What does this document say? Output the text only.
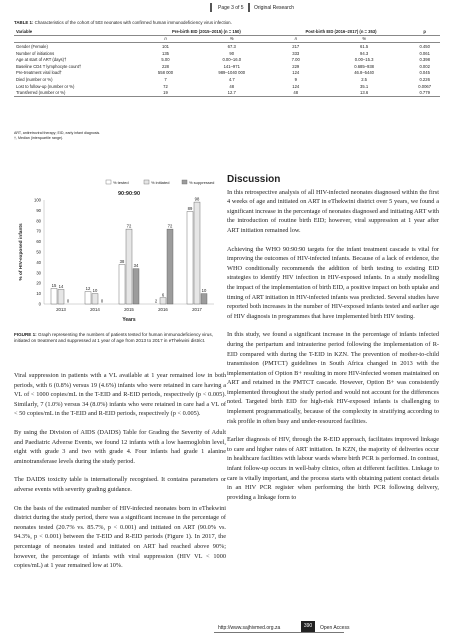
Page 3 of 5 Original Research
TABLE 1: Characteristics of the cohort of 503 neonates with confirmed human immunodeficiency virus infection.
Variable	Pre-birth EID (2015–2015) (n = 150)		Post-birth EID (2016–2017) (n = 353)		p
	n	%	n	%	
Gender (Female)	101	67.3	217	61.5	0.450
Number of initiations	135	90	333	94.3	0.061
Age at start of ART (days)†	5.00	0.00–16.0	7.00	0.00–15.3	0.398
Baseline CD4 T lymphocyte count†	228	141–971	229	0.685–938	0.002
Pre-treatment viral load†	558 000	989–1040 000	124	46.8–5440	0.045
Died (number or %)	7	4.7	9	2.5	0.226
Lost to follow-up (number or %)	72	48	124	35.1	0.0067
Transferred (number or %)	19	12.7	48	13.6	0.779
ART, antiretroviral therapy; EID, early infant diagnosis.
†, Median (interquartile range).
% tested	% initiated	% suppressed
90:90:90
0
10
20
30
40
50
60
70
80
90
100
% of HIV-exposed infants
15 14
0
2013
12 10
0
2014
38
72
34
2015
2
6
72
2016
89
98
10
2017
Years
FIGURE 1: Graph representing the numbers of patients tested for human immunodeficiency virus, initiated on treatment and suppressed at 1 year of age from 2013 to 2017 in eThekwini district.

Viral suppression in patients with a VL available at 1 year remained low in both periods, with 6 (0.8%) versus 19 (4.6%) infants who were retained in care having a VL of < 1000 copies/mL in the T-EID and R-EID periods, respectively (p < 0.005). Similarly, 7 (1.0%) versus 34 (8.0%) infants who were retained in care had a VL of < 50 copies/mL in the T-EID and R-EID periods, respectively (p < 0.005).

By using the Division of AIDS (DAIDS) Table for Grading the Severity of Adult and Paediatric Adverse Events, we found 12 infants with a low haemoglobin level, eight with grade 3 and two with grade 4. Four infants had grade 1 alanine aminotransferase levels during the study period.

The DAIDS toxicity table is internationally recognised. It contains parameters or adverse events with severity grading guidance.

On the basis of the estimated number of HIV-infected neonates born in eThekwini district during the study period, there was a significant increase in the percentage of neonates tested (20.7% vs. 85.7%, p < 0.001) and initiated on ART (90.0% vs. 94.3%, p < 0.001) between the T-EID and R-EID periods (Figure 1). In 2017, the percentage of neonates tested and initiated on ART had reached above 90%; however, the percentage of infants with viral suppression (HIV VL < 1000 copies/mL) at 1 year remained low at 10%.

Discussion

In this retrospective analysis of all HIV-infected neonates diagnosed within the first 4 weeks of age and initiated on ART in eThekwini district over 5 years, we found a significant increase in the percentage of neonates diagnosed and initiating ART with the introduction of routine birth EID; however, viral suppression at 1 year after ART initiation remained low.

Achieving the WHO 90:90:90 targets for the infant treatment cascade is vital for improving the outcomes of HIV-infected infants. Because of a lack of evidence, the WHO conditionally recommends the addition of birth testing to existing EID strategies to identify HIV infection in HIV-exposed infants. In a study modelling the impact of the implementation of birth EID, a positive impact on both uptake and timing of ART initiation in HIV-infected infants was predicted. Several studies have reported both increases in the number of HIV-exposed infants tested and earlier age of HIV diagnosis in programmes that have implemented birth HIV testing.

In this study, we found a significant increase in the percentage of infants infected during the peripartum and intrauterine period following the implementation of R-EID compared with during the T-EID in KZN. The prevention of mother-to-child transmission (PMTCT) guidelines in South Africa changed in 2013 with the implementation of Option B+ resulting in more HIV-infected women maintained on ART and retained in the PMTCT cascade. However, Option B+ was consistently implemented throughout the study period and would not account for the differences noted. Targeted birth EID for high-risk HIV-exposed infants is challenging to implement programmatically, because of the complexity in stratifying according to risk profile in often busy and under-resourced facilities.

Earlier diagnosis of HIV, through the R-EID approach, facilitates improved linkage to care and higher rates of ART initiation. In KZN, the majority of deliveries occur in healthcare facilities with labour wards where birth PCR is performed. In contrast, infant follow-up occurs in well-baby clinics, often at different facilities. Linkage to care is vitally important, and the process starts with obtaining patient contact details in an HIV PCR register when performing the birth PCR following delivery, providing a linkage form to

http://www.sajhivmed.org.za	390	Open Access
